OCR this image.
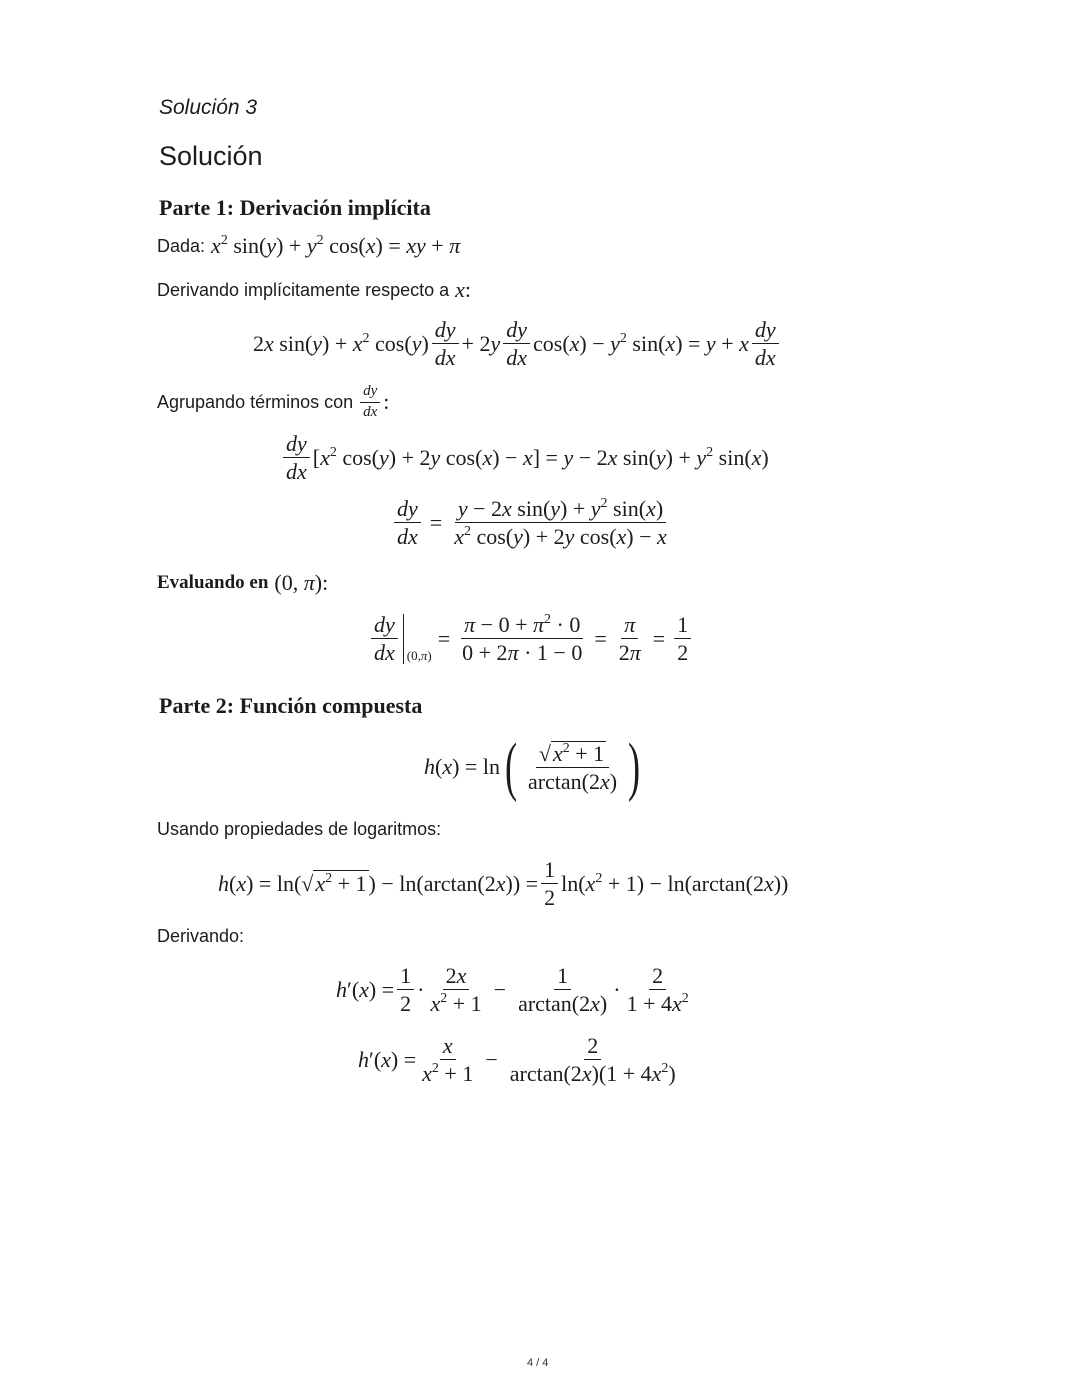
Solución 3
Solución
Parte 1: Derivación implícita
Dada: $x^2$ $\sin(y) + y^2$ cos(x) = xy + π
Derivando implícitamente respecto a x:
2x $\sin(y) + x^2$ $\cos(y) \frac{dy}{dx} + 2y \frac{dy}{dx} \cos(x) - y^2$ sin(x) = y + x $\frac{dy}{dx}$
Agrupando términos con $\frac{dy}{dx}$ :
$\frac{dy}{dx} [x^2$ cos(y) + 2y cos(x) − x] = y − 2x $\sin(y) + y^2$ sin(x)
$\frac{dy}{dx} = \frac{y - 2x \sin(y) + y^2 \sin(x)}{x^2 \cos(y) + 2y \cos(x) - x}$
Evaluando en (0, π):
$\frac{dy}{dx} (0,\pi)$
= $\frac{\pi - 0 + \pi^2 \cdot 0}{0 + 2\pi \cdot 1 - 0} = \frac{\pi}{2\pi} = \frac{1}{2}$
Parte 2: Función compuesta
h(x) = ln ( $\frac{√ x^2 + 1}{\arctan(2x)}$ )
Usando propiedades de logaritmos:
h(x) = ln(√ $x^2 + 1$ ) − $\ln(\arctan(2x)) = \frac{1}{2} \ln(x^2 + 1) - \ln(\arctan(2x))$
Derivando:
$h'(x) = \frac{1}{2} \cdot \frac{2x}{x^2 + 1} - \frac{1}{\arctan(2x)} \cdot \frac{2}{1 + 4x^2}$
$h'(x) = \frac{x}{x^2 + 1} - \frac{2}{\arctan(2x)(1 + 4x^2)}$
4 / 4
